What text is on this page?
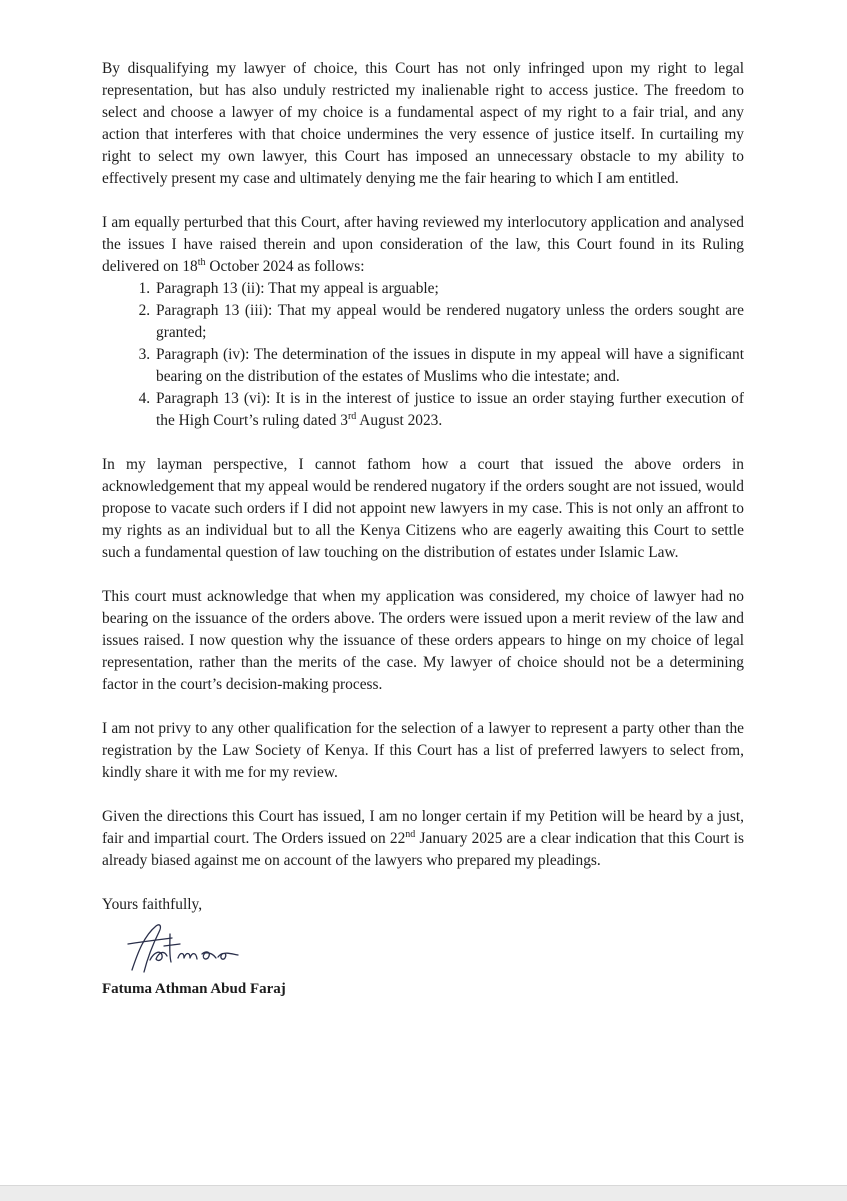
By disqualifying my lawyer of choice, this Court has not only infringed upon my right to legal representation, but has also unduly restricted my inalienable right to access justice. The freedom to select and choose a lawyer of my choice is a fundamental aspect of my right to a fair trial, and any action that interferes with that choice undermines the very essence of justice itself. In curtailing my right to select my own lawyer, this Court has imposed an unnecessary obstacle to my ability to effectively present my case and ultimately denying me the fair hearing to which I am entitled.

I am equally perturbed that this Court, after having reviewed my interlocutory application and analysed the issues I have raised therein and upon consideration of the law, this Court found in its Ruling delivered on 18th October 2024 as follows:

1. Paragraph 13 (ii): That my appeal is arguable;
2. Paragraph 13 (iii): That my appeal would be rendered nugatory unless the orders sought are granted;
3. Paragraph (iv): The determination of the issues in dispute in my appeal will have a significant bearing on the distribution of the estates of Muslims who die intestate; and.
4. Paragraph 13 (vi): It is in the interest of justice to issue an order staying further execution of the High Court’s ruling dated 3rd August 2023.

In my layman perspective, I cannot fathom how a court that issued the above orders in acknowledgement that my appeal would be rendered nugatory if the orders sought are not issued, would propose to vacate such orders if I did not appoint new lawyers in my case. This is not only an affront to my rights as an individual but to all the Kenya Citizens who are eagerly awaiting this Court to settle such a fundamental question of law touching on the distribution of estates under Islamic Law.

This court must acknowledge that when my application was considered, my choice of lawyer had no bearing on the issuance of the orders above. The orders were issued upon a merit review of the law and issues raised. I now question why the issuance of these orders appears to hinge on my choice of legal representation, rather than the merits of the case. My lawyer of choice should not be a determining factor in the court’s decision-making process.

I am not privy to any other qualification for the selection of a lawyer to represent a party other than the registration by the Law Society of Kenya. If this Court has a list of preferred lawyers to select from, kindly share it with me for my review.

Given the directions this Court has issued, I am no longer certain if my Petition will be heard by a just, fair and impartial court. The Orders issued on 22nd January 2025 are a clear indication that this Court is already biased against me on account of the lawyers who prepared my pleadings.

Yours faithfully,

Fatuma Athman Abud Faraj
